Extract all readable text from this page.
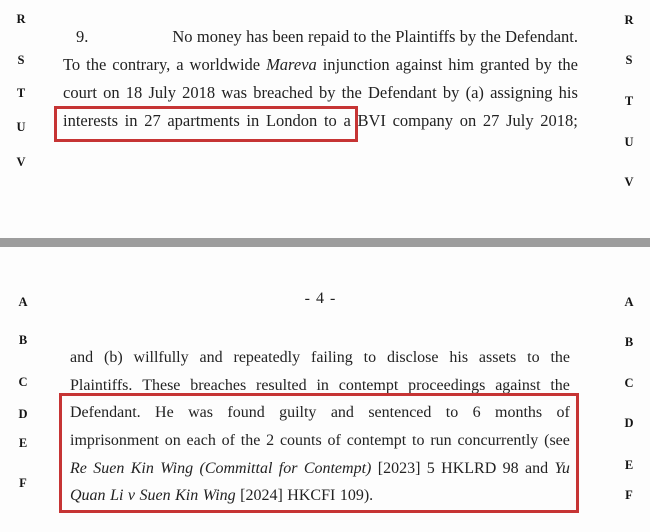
R
S
T
U
V
R
S
T
U
V
9.	No money has been repaid to the Plaintiffs by the Defendant.
To the contrary, a worldwide Mareva injunction against him granted by the
court on 18 July 2018 was breached by the Defendant by (a) assigning his
interests in 27 apartments in London to a BVI company on 27 July 2018;
- 4 -
A
B
C
D
E
F
A
B
C
D
E
F
and (b) willfully and repeatedly failing to disclose his assets to the
Plaintiffs. These breaches resulted in contempt proceedings against the
Defendant. He was found guilty and sentenced to 6 months of
imprisonment on each of the 2 counts of contempt to run concurrently (see
Re Suen Kin Wing (Committal for Contempt) [2023] 5 HKLRD 98 and Yu
Quan Li v Suen Kin Wing [2024] HKCFI 109).
